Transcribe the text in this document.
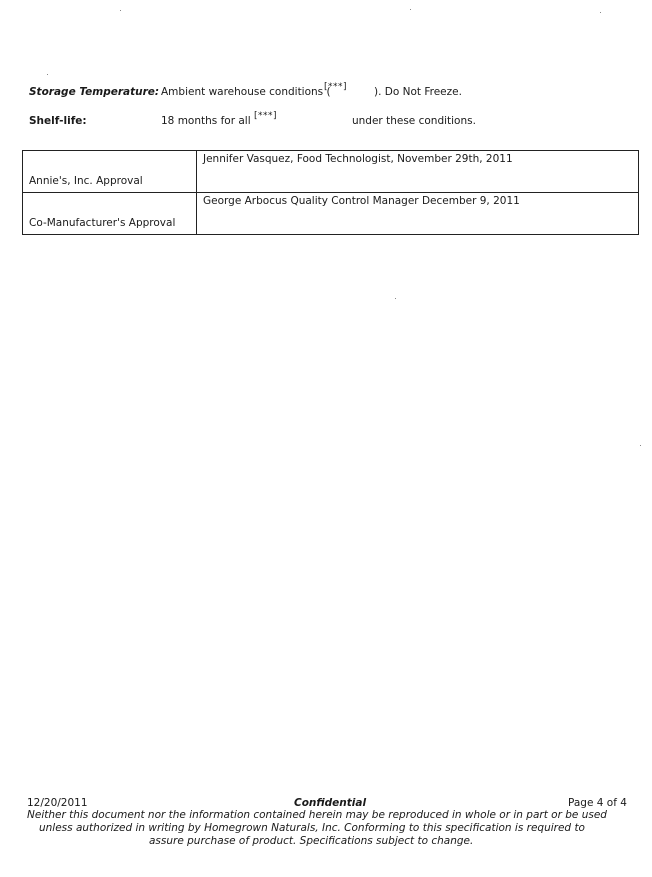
Storage Temperature: Ambient warehouse conditions (
[***]	). Do Not Freeze.
Shelf-life:	18 months for all [***]	under these conditions.
Annie's, Inc. Approval	Jennifer Vasquez, Food Technologist, November 29th, 2011
Co-Manufacturer's Approval	George Arbocus Quality Control Manager December 9, 2011
12/20/2011	Confidential	Page 4 of 4
Neither this document nor the information contained herein may be reproduced in whole or in part or be used
unless authorized in writing by Homegrown Naturals, Inc. Conforming to this specification is required to
assure purchase of product. Specifications subject to change.
